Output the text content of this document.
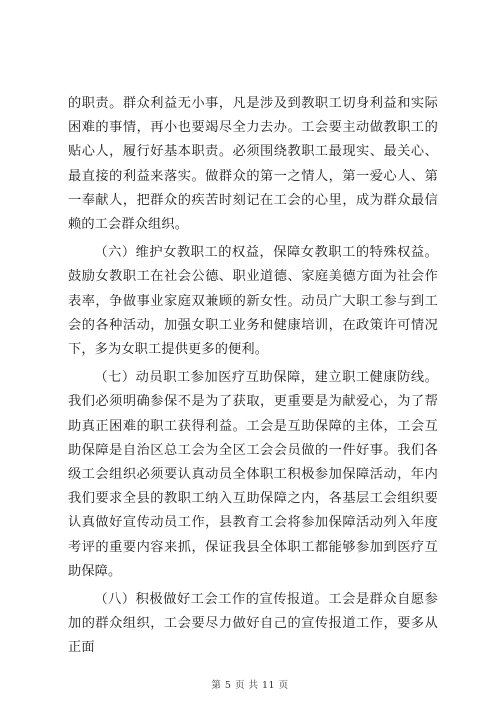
的职责。群众利益无小事，凡是涉及到教职工切身利益和实际困难的事情，再小也要竭尽全力去办。工会要主动做教职工的贴心人，履行好基本职责。必须围绕教职工最现实、最关心、最直接的利益来落实。做群众的第一之情人，第一爱心人、第一奉献人，把群众的疾苦时刻记在工会的心里，成为群众最信赖的工会群众组织。

（六）维护女教职工的权益，保障女教职工的特殊权益。鼓励女教职工在社会公德、职业道德、家庭美德方面为社会作表率，争做事业家庭双兼顾的新女性。动员广大职工参与到工会的各种活动，加强女职工业务和健康培训，在政策许可情况下，多为女职工提供更多的便利。

（七）动员职工参加医疗互助保障，建立职工健康防线。我们必须明确参保不是为了获取，更重要是为献爱心，为了帮助真正困难的职工获得利益。工会是互助保障的主体，工会互助保障是自治区总工会为全区工会会员做的一件好事。我们各级工会组织必须要认真动员全体职工积极参加保障活动，年内我们要求全县的教职工纳入互助保障之内，各基层工会组织要认真做好宣传动员工作，县教育工会将参加保障活动列入年度考评的重要内容来抓，保证我县全体职工都能够参加到医疗互助保障。

（八）积极做好工会工作的宣传报道。工会是群众自愿参加的群众组织，工会要尽力做好自己的宣传报道工作，要多从正面

第 5 页 共 11 页
